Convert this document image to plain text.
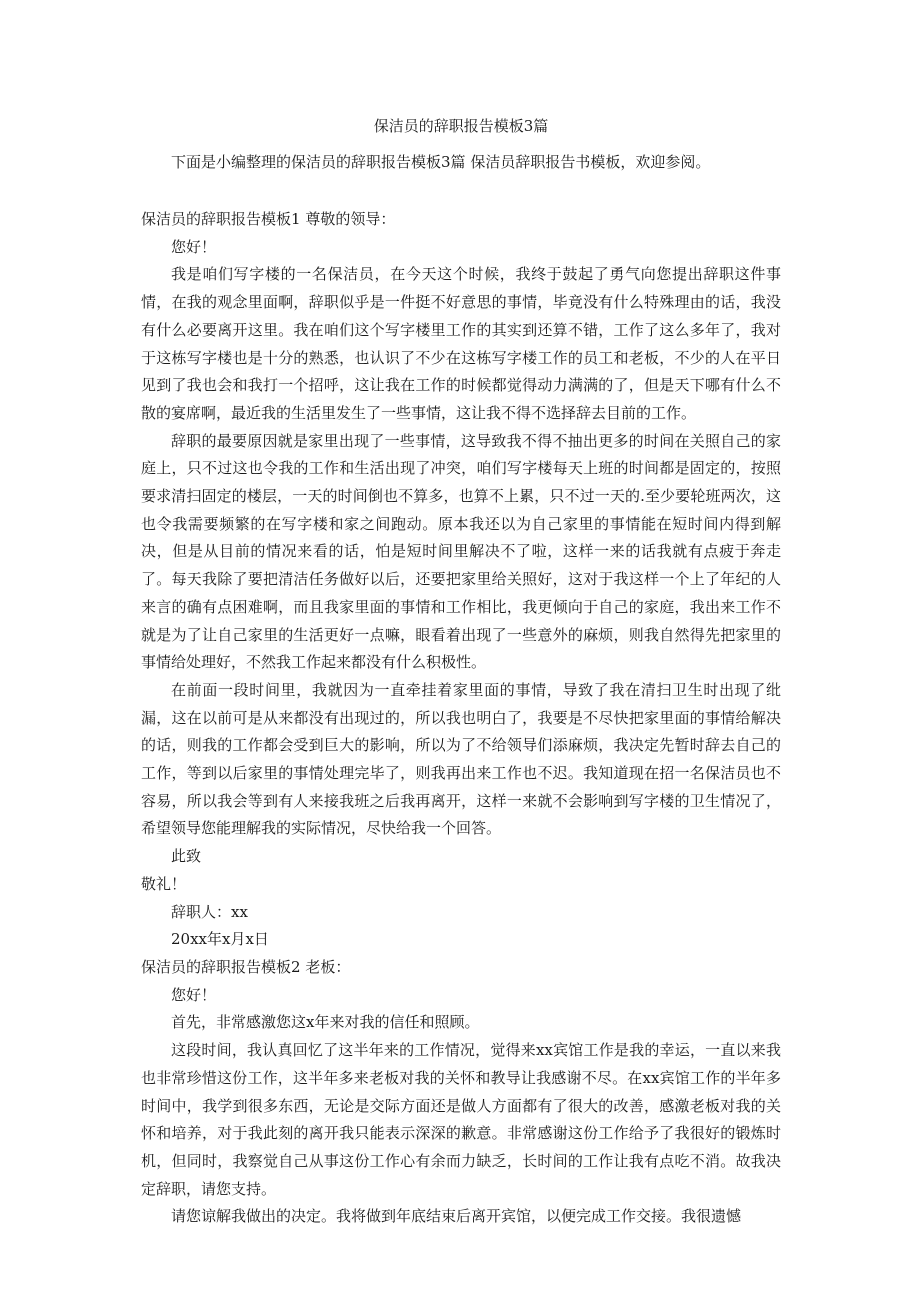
保洁员的辞职报告模板3篇

下面是小编整理的保洁员的辞职报告模板3篇 保洁员辞职报告书模板，欢迎参阅。

保洁员的辞职报告模板1 尊敬的领导：

您好！

我是咱们写字楼的一名保洁员，在今天这个时候，我终于鼓起了勇气向您提出辞职这件事情，在我的观念里面啊，辞职似乎是一件挺不好意思的事情，毕竟没有什么特殊理由的话，我没有什么必要离开这里。我在咱们这个写字楼里工作的其实到还算不错，工作了这么多年了，我对于这栋写字楼也是十分的熟悉，也认识了不少在这栋写字楼工作的员工和老板，不少的人在平日见到了我也会和我打一个招呼，这让我在工作的时候都觉得动力满满的了，但是天下哪有什么不散的宴席啊，最近我的生活里发生了一些事情，这让我不得不选择辞去目前的工作。

辞职的最要原因就是家里出现了一些事情，这导致我不得不抽出更多的时间在关照自己的家庭上，只不过这也令我的工作和生活出现了冲突，咱们写字楼每天上班的时间都是固定的，按照要求清扫固定的楼层，一天的时间倒也不算多，也算不上累，只不过一天的.至少要轮班两次，这也令我需要频繁的在写字楼和家之间跑动。原本我还以为自己家里的事情能在短时间内得到解决，但是从目前的情况来看的话，怕是短时间里解决不了啦，这样一来的话我就有点疲于奔走了。每天我除了要把清洁任务做好以后，还要把家里给关照好，这对于我这样一个上了年纪的人来言的确有点困难啊，而且我家里面的事情和工作相比，我更倾向于自己的家庭，我出来工作不就是为了让自己家里的生活更好一点嘛，眼看着出现了一些意外的麻烦，则我自然得先把家里的事情给处理好，不然我工作起来都没有什么积极性。

在前面一段时间里，我就因为一直牵挂着家里面的事情，导致了我在清扫卫生时出现了纰漏，这在以前可是从来都没有出现过的，所以我也明白了，我要是不尽快把家里面的事情给解决的话，则我的工作都会受到巨大的影响，所以为了不给领导们添麻烦，我决定先暂时辞去自己的工作，等到以后家里的事情处理完毕了，则我再出来工作也不迟。我知道现在招一名保洁员也不容易，所以我会等到有人来接我班之后我再离开，这样一来就不会影响到写字楼的卫生情况了，希望领导您能理解我的实际情况，尽快给我一个回答。

此致

敬礼！

辞职人：xx

20xx年x月x日

保洁员的辞职报告模板2 老板：

您好！

首先，非常感激您这x年来对我的信任和照顾。

这段时间，我认真回忆了这半年来的工作情况，觉得来xx宾馆工作是我的幸运，一直以来我也非常珍惜这份工作，这半年多来老板对我的关怀和教导让我感谢不尽。在xx宾馆工作的半年多时间中，我学到很多东西，无论是交际方面还是做人方面都有了很大的改善，感激老板对我的关怀和培养，对于我此刻的离开我只能表示深深的歉意。非常感谢这份工作给予了我很好的锻炼时机，但同时，我察觉自己从事这份工作心有余而力缺乏，长时间的工作让我有点吃不消。故我决定辞职，请您支持。

请您谅解我做出的决定。我将做到年底结束后离开宾馆，以便完成工作交接。我很遗憾
